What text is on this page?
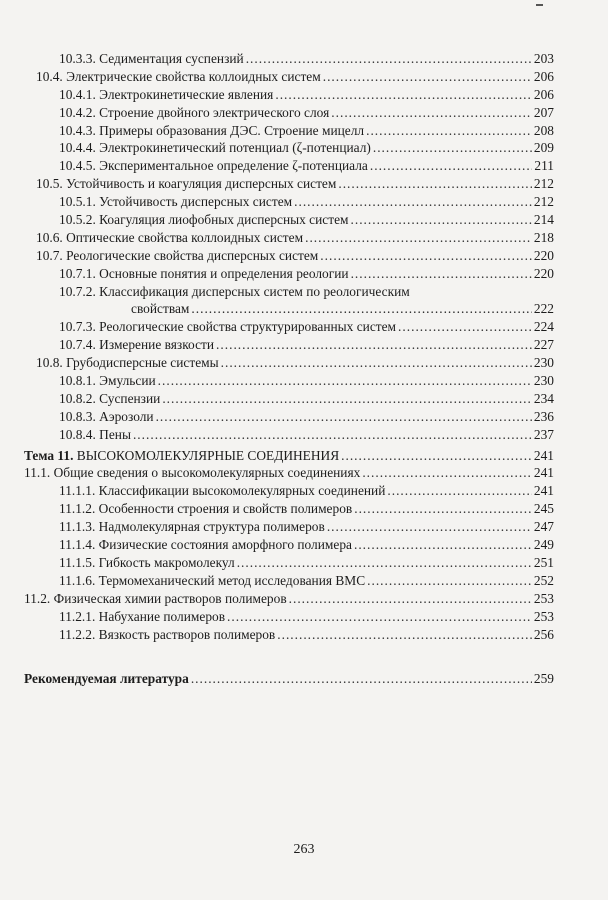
10.3.3. Седиментация суспензий .....	203
10.4. Электрические свойства коллоидных систем .....	206
10.4.1. Электрокинетические явления .....	206
10.4.2. Строение двойного электрического слоя .....	207
10.4.3. Примеры образования ДЭС. Строение мицелл .....	208
10.4.4. Электрокинетический потенциал (ζ-потенциал) .....	209
10.4.5. Экспериментальное определение ζ-потенциала .....	211
10.5. Устойчивость и коагуляция дисперсных систем .....	212
10.5.1. Устойчивость дисперсных систем .....	212
10.5.2. Коагуляция лиофобных дисперсных систем .....	214
10.6. Оптические свойства коллоидных систем .....	218
10.7. Реологические свойства дисперсных систем .....	220
10.7.1. Основные понятия и определения реологии .....	220
10.7.2. Классификация дисперсных систем по реологическим
свойствам .....	222
10.7.3. Реологические свойства структурированных систем .....	224
10.7.4. Измерение вязкости .....	227
10.8. Грубодисперсные системы .....	230
10.8.1. Эмульсии .....	230
10.8.2. Суспензии .....	234
10.8.3. Аэрозоли .....	236
10.8.4. Пены .....	237
Тема 11. ВЫСОКОМОЛЕКУЛЯРНЫЕ СОЕДИНЕНИЯ .....	241
11.1. Общие сведения о высокомолекулярных соединениях .....	241
11.1.1. Классификации высокомолекулярных соединений .....	241
11.1.2. Особенности строения и свойств полимеров .....	245
11.1.3. Надмолекулярная структура полимеров .....	247
11.1.4. Физические состояния аморфного полимера .....	249
11.1.5. Гибкость макромолекул .....	251
11.1.6. Термомеханический метод исследования ВМС .....	252
11.2. Физическая химии растворов полимеров .....	253
11.2.1. Набухание полимеров .....	253
11.2.2. Вязкость растворов полимеров .....	256
Рекомендуемая литература .....	259
263
